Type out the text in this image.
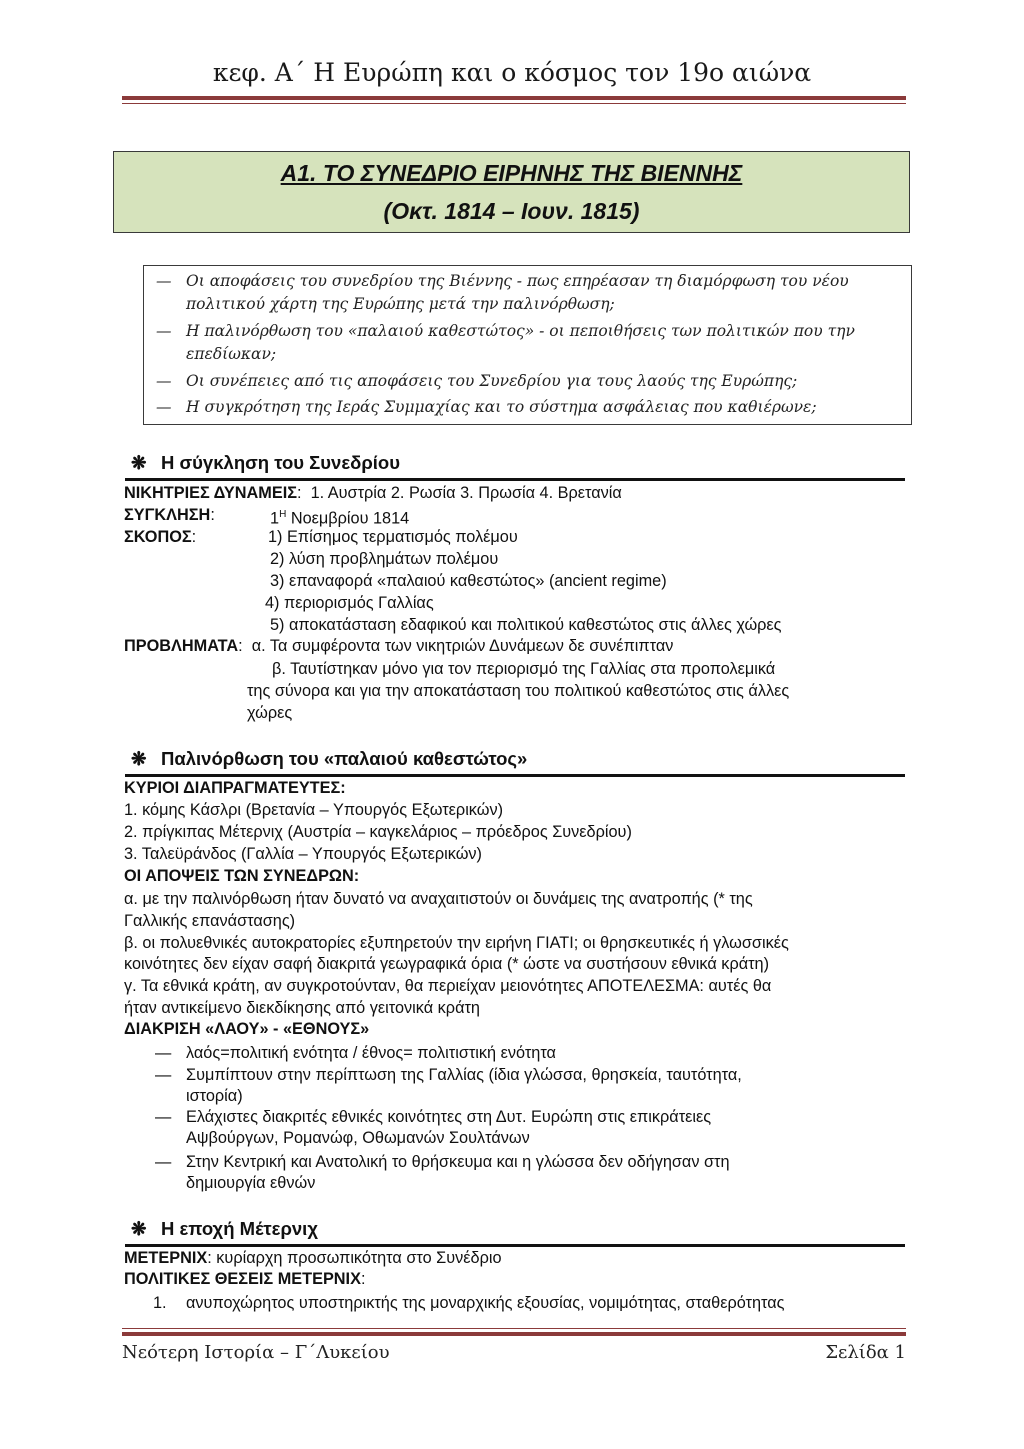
κεφ. Α΄ Η Ευρώπη και ο κόσμος τον 19ο αιώνα
Α1. ΤΟ ΣΥΝΕΔΡΙΟ ΕΙΡΗΝΗΣ ΤΗΣ ΒΙΕΝΝΗΣ
(Οκτ. 1814 – Ιουν. 1815)
— Οι αποφάσεις του συνεδρίου της Βιέννης - πως επηρέασαν τη διαμόρφωση του νέου πολιτικού χάρτη της Ευρώπης μετά την παλινόρθωση;
— Η παλινόρθωση του «παλαιού καθεστώτος» - οι πεποιθήσεις των πολιτικών που την επεδίωκαν;
— Οι συνέπειες από τις αποφάσεις του Συνεδρίου για τους λαούς της Ευρώπης;
— Η συγκρότηση της Ιεράς Συμμαχίας και το σύστημα ασφάλειας που καθιέρωνε;
❋ Η σύγκληση του Συνεδρίου
ΝΙΚΗΤΡΙΕΣ ΔΥΝΑΜΕΙΣ:  1. Αυστρία 2. Ρωσία 3. Πρωσία 4. Βρετανία
ΣΥΓΚΛΗΣΗ:	$1^H$ Νοεμβρίου 1814
ΣΚΟΠΟΣ:	1) Επίσημος τερματισμός πολέμου
2) λύση προβλημάτων πολέμου
3) επαναφορά «παλαιού καθεστώτος» (ancient regime)
4) περιορισμός Γαλλίας
5) αποκατάσταση εδαφικού και πολιτικού καθεστώτος στις άλλες χώρες
ΠΡΟΒΛΗΜΑΤΑ:  α. Τα συμφέροντα των νικητριών Δυνάμεων δε συνέπιπταν
β. Ταυτίστηκαν μόνο για τον περιορισμό της Γαλλίας στα προπολεμικά
της σύνορα και για την αποκατάσταση του πολιτικού καθεστώτος στις άλλες
χώρες
❋ Παλινόρθωση του «παλαιού καθεστώτος»
ΚΥΡΙΟΙ ΔΙΑΠΡΑΓΜΑΤΕΥΤΕΣ:
1. κόμης Κάσλρι (Βρετανία – Υπουργός Εξωτερικών)
2. πρίγκιπας Μέτερνιχ (Αυστρία – καγκελάριος – πρόεδρος Συνεδρίου)
3. Ταλεϋράνδος (Γαλλία – Υπουργός Εξωτερικών)
ΟΙ ΑΠΟΨΕΙΣ ΤΩΝ ΣΥΝΕΔΡΩΝ:
α. με την παλινόρθωση ήταν δυνατό να αναχαιτιστούν οι δυνάμεις της ανατροπής (* της
Γαλλικής επανάστασης)
β. οι πολυεθνικές αυτοκρατορίες εξυπηρετούν την ειρήνη ΓΙΑΤΙ; οι θρησκευτικές ή γλωσσικές
κοινότητες δεν είχαν σαφή διακριτά γεωγραφικά όρια (* ώστε να συστήσουν εθνικά κράτη)
γ. Τα εθνικά κράτη, αν συγκροτούνταν, θα περιείχαν μειονότητες ΑΠΟΤΕΛΕΣΜΑ: αυτές θα
ήταν αντικείμενο διεκδίκησης από γειτονικά κράτη
ΔΙΑΚΡΙΣΗ «ΛΑΟΥ» - «ΕΘΝΟΥΣ»
— λαός=πολιτική ενότητα / έθνος= πολιτιστική ενότητα
— Συμπίπτουν στην περίπτωση της Γαλλίας (ίδια γλώσσα, θρησκεία, ταυτότητα,
ιστορία)
— Ελάχιστες διακριτές εθνικές κοινότητες στη Δυτ. Ευρώπη στις επικράτειες
Αψβούργων, Ρομανώφ, Οθωμανών Σουλτάνων
— Στην Κεντρική και Ανατολική το θρήσκευμα και η γλώσσα δεν οδήγησαν στη
δημιουργία εθνών
❋ Η εποχή Μέτερνιχ
ΜΕΤΕΡΝΙΧ: κυρίαρχη προσωπικότητα στο Συνέδριο
ΠΟΛΙΤΙΚΕΣ ΘΕΣΕΙΣ ΜΕΤΕΡΝΙΧ:
1. ανυποχώρητος υποστηρικτής της μοναρχικής εξουσίας, νομιμότητας, σταθερότητας
Νεότερη Ιστορία – Γ΄Λυκείου	Σελίδα 1
